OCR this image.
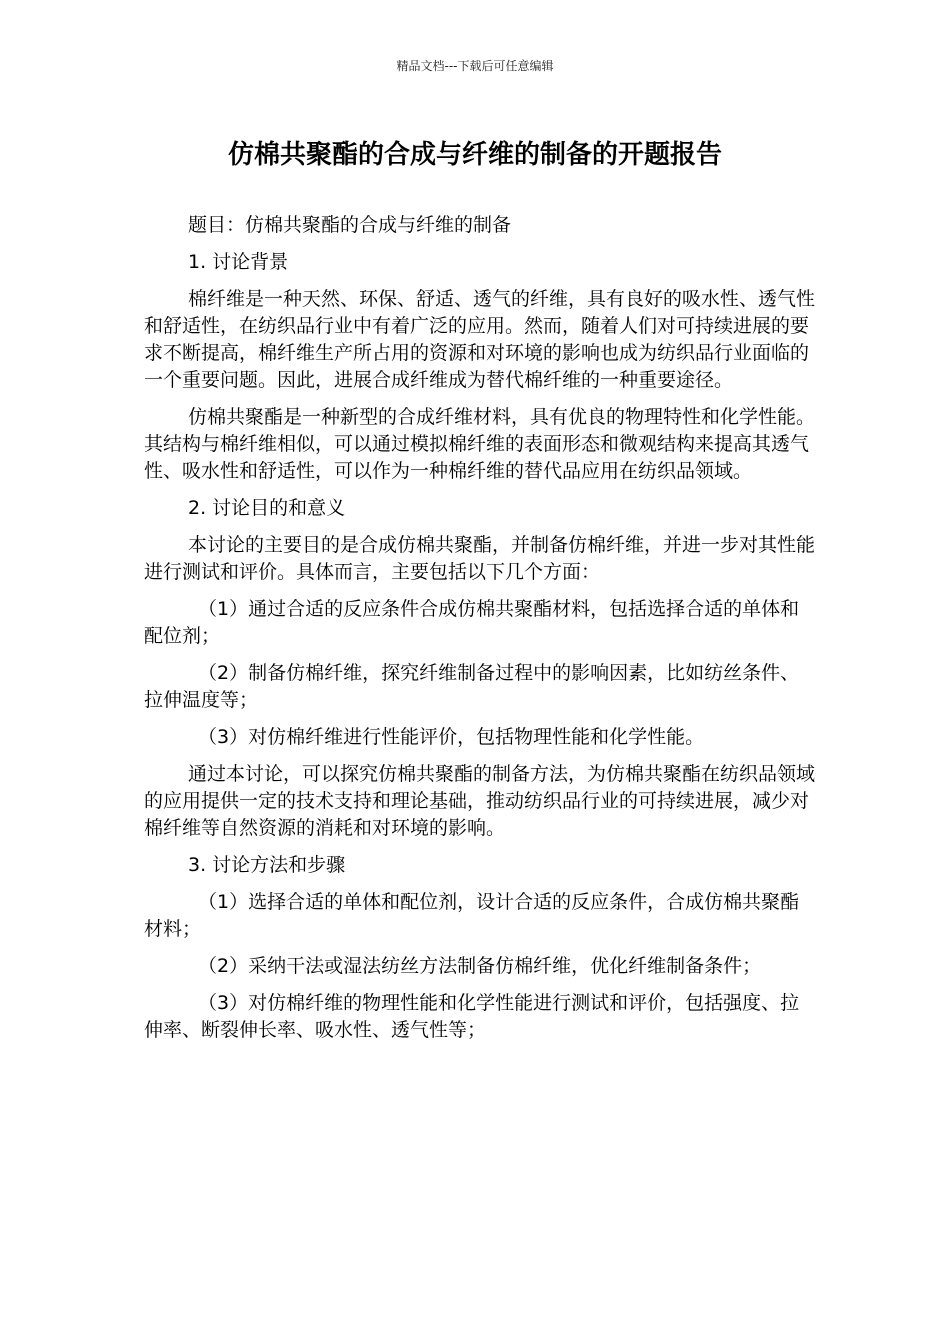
精品文档---下载后可任意编辑
仿棉共聚酯的合成与纤维的制备的开题报告

题目：仿棉共聚酯的合成与纤维的制备

1. 讨论背景

棉纤维是一种天然、环保、舒适、透气的纤维，具有良好的吸水性、透气性和舒适性，在纺织品行业中有着广泛的应用。然而，随着人们对可持续进展的要求不断提高，棉纤维生产所占用的资源和对环境的影响也成为纺织品行业面临的一个重要问题。因此，进展合成纤维成为替代棉纤维的一种重要途径。

仿棉共聚酯是一种新型的合成纤维材料，具有优良的物理特性和化学性能。其结构与棉纤维相似，可以通过模拟棉纤维的表面形态和微观结构来提高其透气性、吸水性和舒适性，可以作为一种棉纤维的替代品应用在纺织品领域。

2. 讨论目的和意义

本讨论的主要目的是合成仿棉共聚酯，并制备仿棉纤维，并进一步对其性能进行测试和评价。具体而言，主要包括以下几个方面：

（1）通过合适的反应条件合成仿棉共聚酯材料，包括选择合适的单体和配位剂；

（2）制备仿棉纤维，探究纤维制备过程中的影响因素，比如纺丝条件、拉伸温度等；

（3）对仿棉纤维进行性能评价，包括物理性能和化学性能。

通过本讨论，可以探究仿棉共聚酯的制备方法，为仿棉共聚酯在纺织品领域的应用提供一定的技术支持和理论基础，推动纺织品行业的可持续进展，减少对棉纤维等自然资源的消耗和对环境的影响。

3. 讨论方法和步骤

（1）选择合适的单体和配位剂，设计合适的反应条件，合成仿棉共聚酯材料；

（2）采纳干法或湿法纺丝方法制备仿棉纤维，优化纤维制备条件；

（3）对仿棉纤维的物理性能和化学性能进行测试和评价，包括强度、拉伸率、断裂伸长率、吸水性、透气性等；
